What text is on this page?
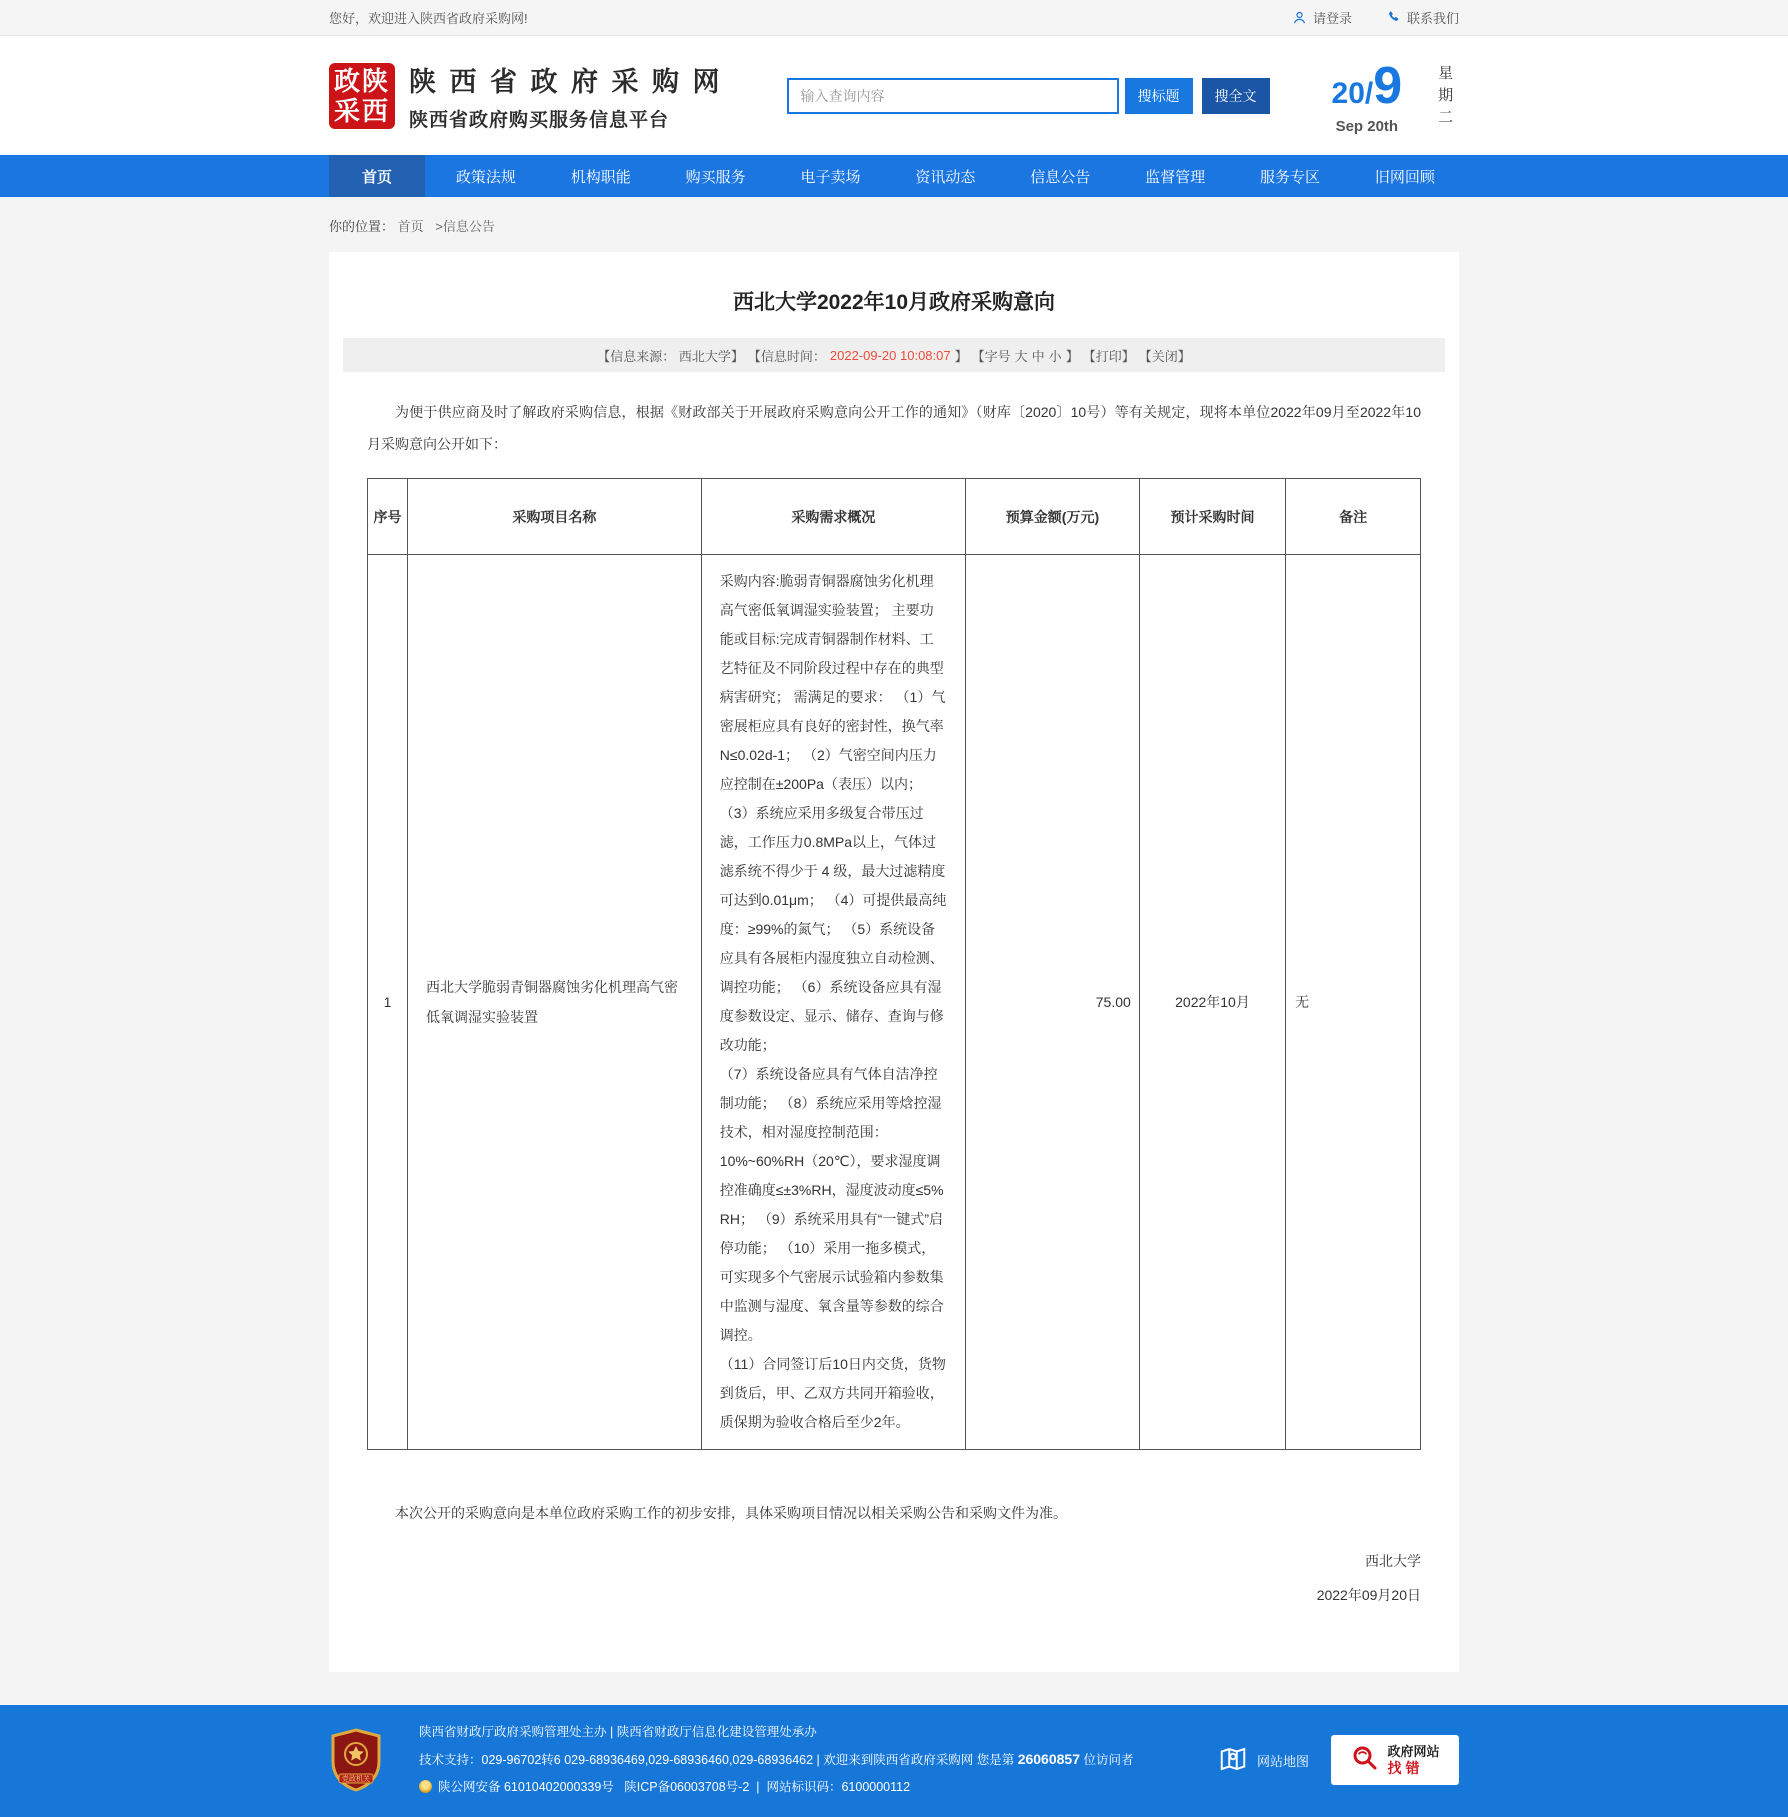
您好，欢迎进入陕西省政府采购网!	请登录	联系我们
政陕
采西
陕 西 省 政 府 采 购 网
陕西省政府购买服务信息平台
输入查询内容
搜标题	搜全文	20/9
Sep 20th
星期二
首页	政策法规	机构职能	购买服务	电子卖场	资讯动态	信息公告	监督管理	服务专区	旧网回顾
你的位置： 首页 >信息公告
西北大学2022年10月政府采购意向
【信息来源： 西北大学】 【信息时间： 2022-09-20 10:08:07 】 【字号 大 中 小 】 【打印】 【关闭】

为便于供应商及时了解政府采购信息，根据《财政部关于开展政府采购意向公开工作的通知》（财库〔2020〕10号）等有关规定，现将本单位2022年09月至2022年10月采购意向公开如下：

序号	采购项目名称	采购需求概况	预算金额(万元)	预计采购时间	备注
1	西北大学脆弱青铜器腐蚀劣化机理高气密低氧调湿实验装置	采购内容:脆弱青铜器腐蚀劣化机理高气密低氧调湿实验装置； 主要功能或目标:完成青铜器制作材料、工艺特征及不同阶段过程中存在的典型病害研究； 需满足的要求： （1）气密展柜应具有良好的密封性，换气率N≤0.02d-1； （2）气密空间内压力应控制在±200Pa（表压）以内； （3）系统应采用多级复合带压过滤，工作压力0.8MPa以上，气体过滤系统不得少于 4 级，最大过滤精度可达到0.01μm； （4）可提供最高纯度：≥99%的氮气； （5）系统设备应具有各展柜内湿度独立自动检测、调控功能； （6）系统设备应具有湿度参数设定、显示、储存、查询与修改功能；

（7）系统设备应具有气体自洁净控制功能； （8）系统应采用等焓控湿技术，相对湿度控制范围：10%~60%RH（20℃），要求湿度调控准确度≤±3%RH，湿度波动度≤5% RH； （9）系统采用具有“一键式”启停功能； （10）采用一拖多模式，可实现多个气密展示试验箱内参数集中监测与湿度、氧含量等参数的综合调控。

（11）合同签订后10日内交货，货物到货后，甲、乙双方共同开箱验收，质保期为验收合格后至少2年。	75.00	2022年10月	无

本次公开的采购意向是本单位政府采购工作的初步安排，具体采购项目情况以相关采购公告和采购文件为准。

西北大学
2022年09月20日
党政机关
陕西省财政厅政府采购管理处主办 | 陕西省财政厅信息化建设管理处承办
技术支持：029-96702转6 029-68936469,029-68936460,029-68936462 | 欢迎来到陕西省政府采购网 您是第 26060857 位访问者
陕公网安备 61010402000339号 陕ICP备06003708号-2 | 网站标识码：6100000112
网站地图
政府网站
找错
